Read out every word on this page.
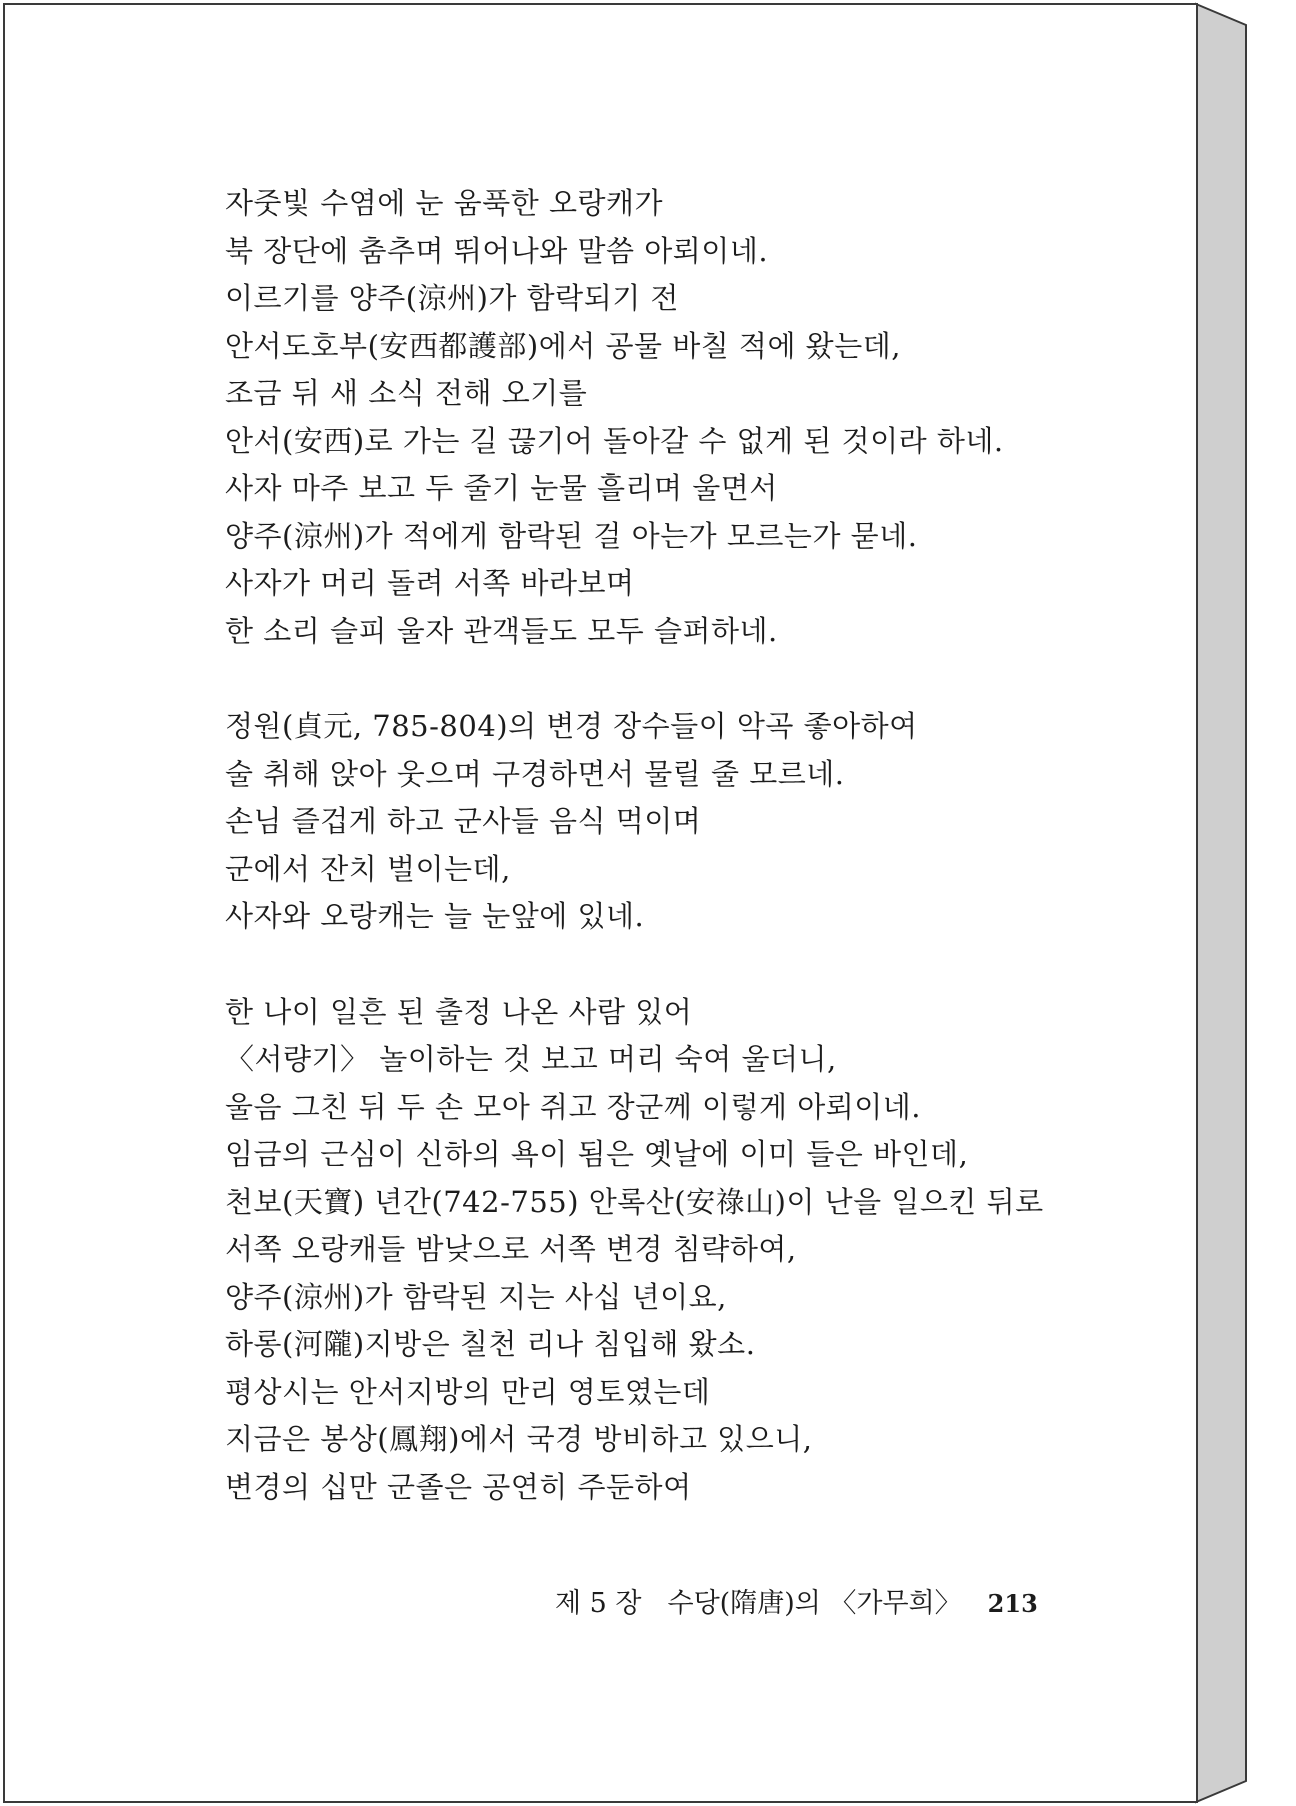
자줏빛 수염에 눈 움푹한 오랑캐가
북 장단에 춤추며 뛰어나와 말씀 아뢰이네.
이르기를 양주(涼州)가 함락되기 전
안서도호부(安西都護部)에서 공물 바칠 적에 왔는데,
조금 뒤 새 소식 전해 오기를
안서(安西)로 가는 길 끊기어 돌아갈 수 없게 된 것이라 하네.
사자 마주 보고 두 줄기 눈물 흘리며 울면서
양주(涼州)가 적에게 함락된 걸 아는가 모르는가 묻네.
사자가 머리 돌려 서쪽 바라보며
한 소리 슬피 울자 관객들도 모두 슬퍼하네.
정원(貞元, 785-804)의 변경 장수들이 악곡 좋아하여
술 취해 앉아 웃으며 구경하면서 물릴 줄 모르네.
손님 즐겁게 하고 군사들 음식 먹이며
군에서 잔치 벌이는데,
사자와 오랑캐는 늘 눈앞에 있네.
한 나이 일흔 된 출정 나온 사람 있어
〈서량기〉 놀이하는 것 보고 머리 숙여 울더니,
울음 그친 뒤 두 손 모아 쥐고 장군께 이렇게 아뢰이네.
임금의 근심이 신하의 욕이 됨은 옛날에 이미 들은 바인데,
천보(天寶) 년간(742-755) 안록산(安祿山)이 난을 일으킨 뒤로
서쪽 오랑캐들 밤낮으로 서쪽 변경 침략하여,
양주(涼州)가 함락된 지는 사십 년이요,
하롱(河隴)지방은 칠천 리나 침입해 왔소.
평상시는 안서지방의 만리 영토였는데
지금은 봉상(鳳翔)에서 국경 방비하고 있으니,
변경의 십만 군졸은 공연히 주둔하여
제 5 장 수당(隋唐)의 〈가무희〉 213
